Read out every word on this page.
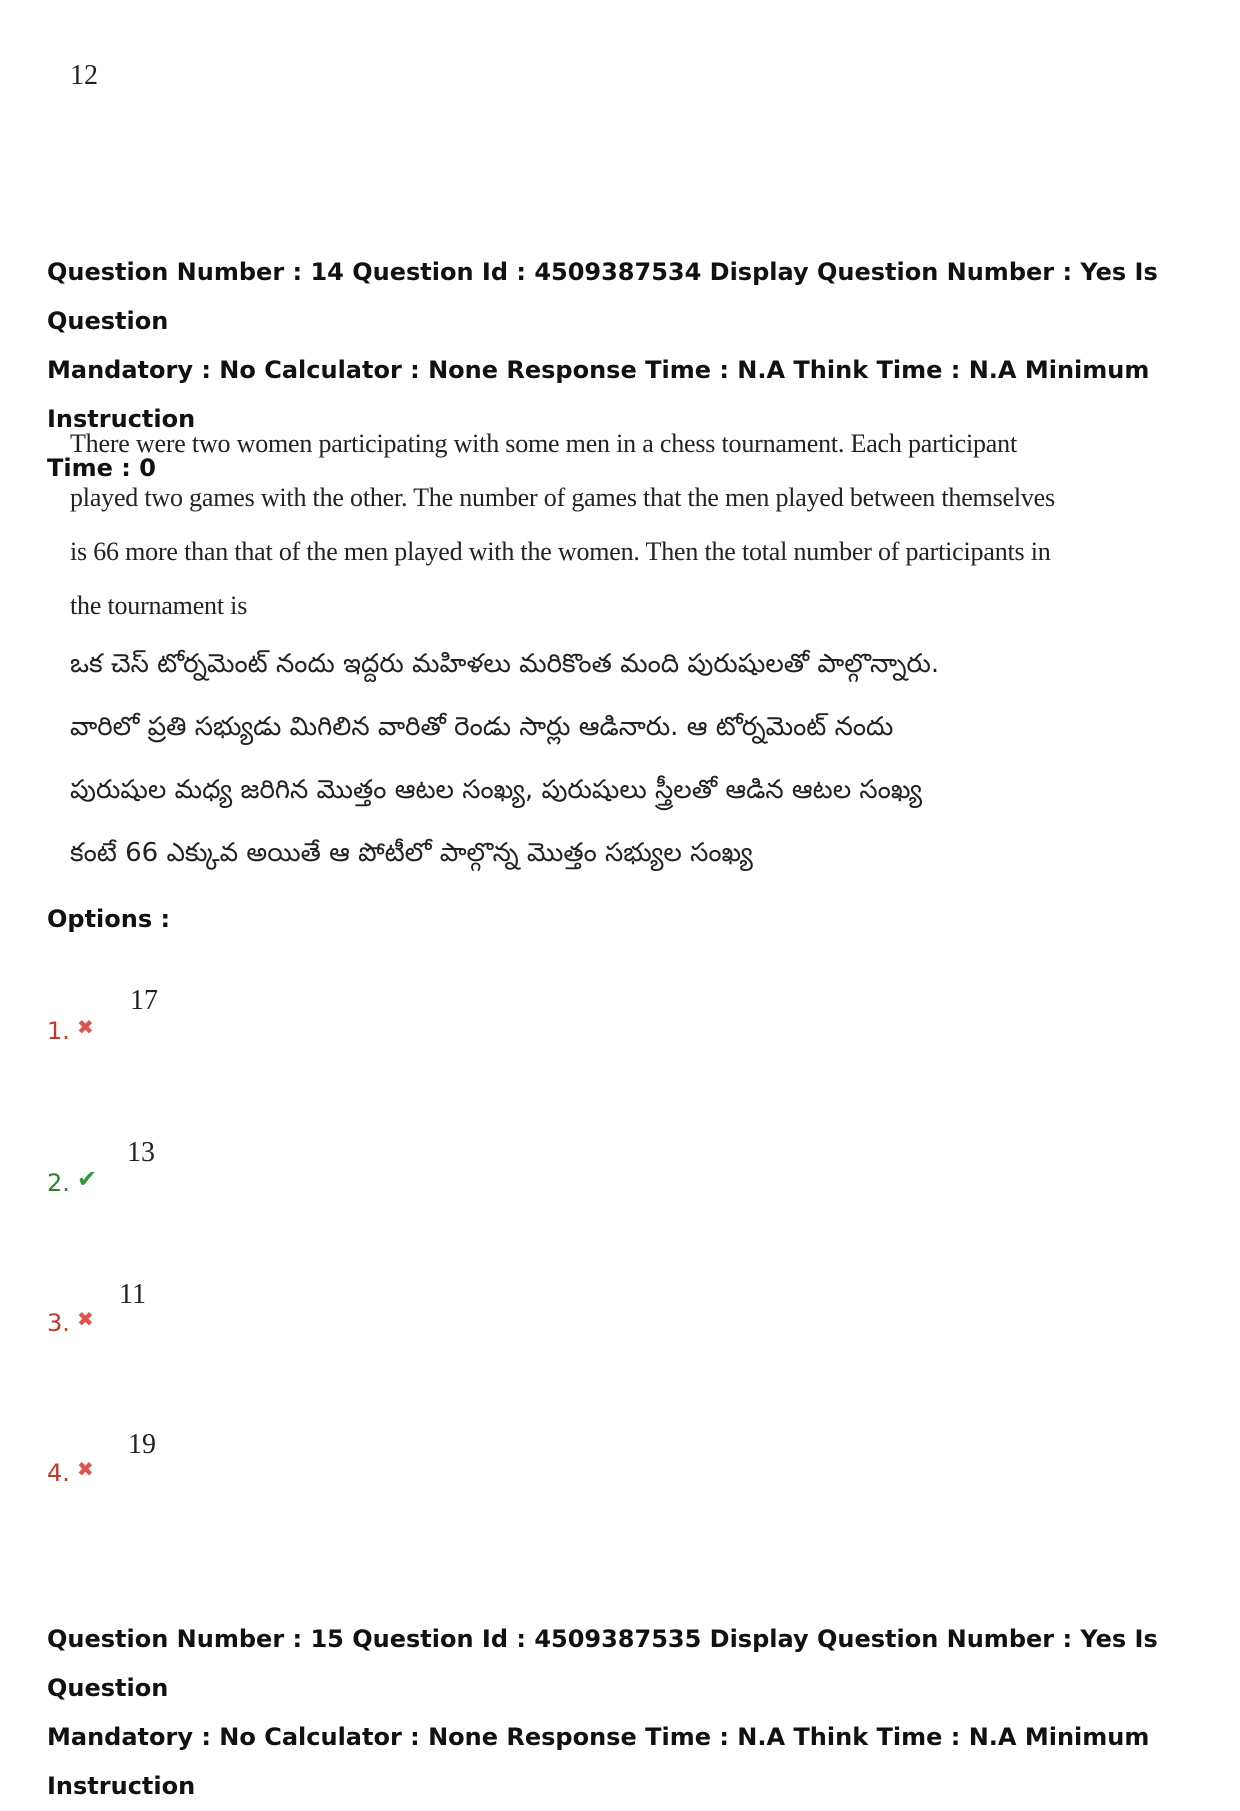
12
Question Number : 14 Question Id : 4509387534 Display Question Number : Yes Is Question
Mandatory : No Calculator : None Response Time : N.A Think Time : N.A Minimum Instruction
Time : 0
There were two women participating with some men in a chess tournament. Each participant
played two games with the other. The number of games that the men played between themselves
is 66 more than that of the men played with the women. Then the total number of participants in
the tournament is
ఒక చెస్ టోర్నమెంట్ నందు ఇద్దరు మహిళలు మరికొంత మంది పురుషులతో పాల్గొన్నారు.
వారిలో ప్రతి సభ్యుడు మిగిలిన వారితో రెండు సార్లు ఆడినారు. ఆ టోర్నమెంట్ నందు
పురుషుల మధ్య జరిగిన మొత్తం ఆటల సంఖ్య, పురుషులు స్త్రీలతో ఆడిన ఆటల సంఖ్య
కంటే 66 ఎక్కువ అయితే ఆ పోటీలో పాల్గొన్న మొత్తం సభ్యుల సంఖ్య
Options :
1. ✖
17
2. ✔
13
3. ✖
11
4. ✖
19
Question Number : 15 Question Id : 4509387535 Display Question Number : Yes Is Question
Mandatory : No Calculator : None Response Time : N.A Think Time : N.A Minimum Instruction
